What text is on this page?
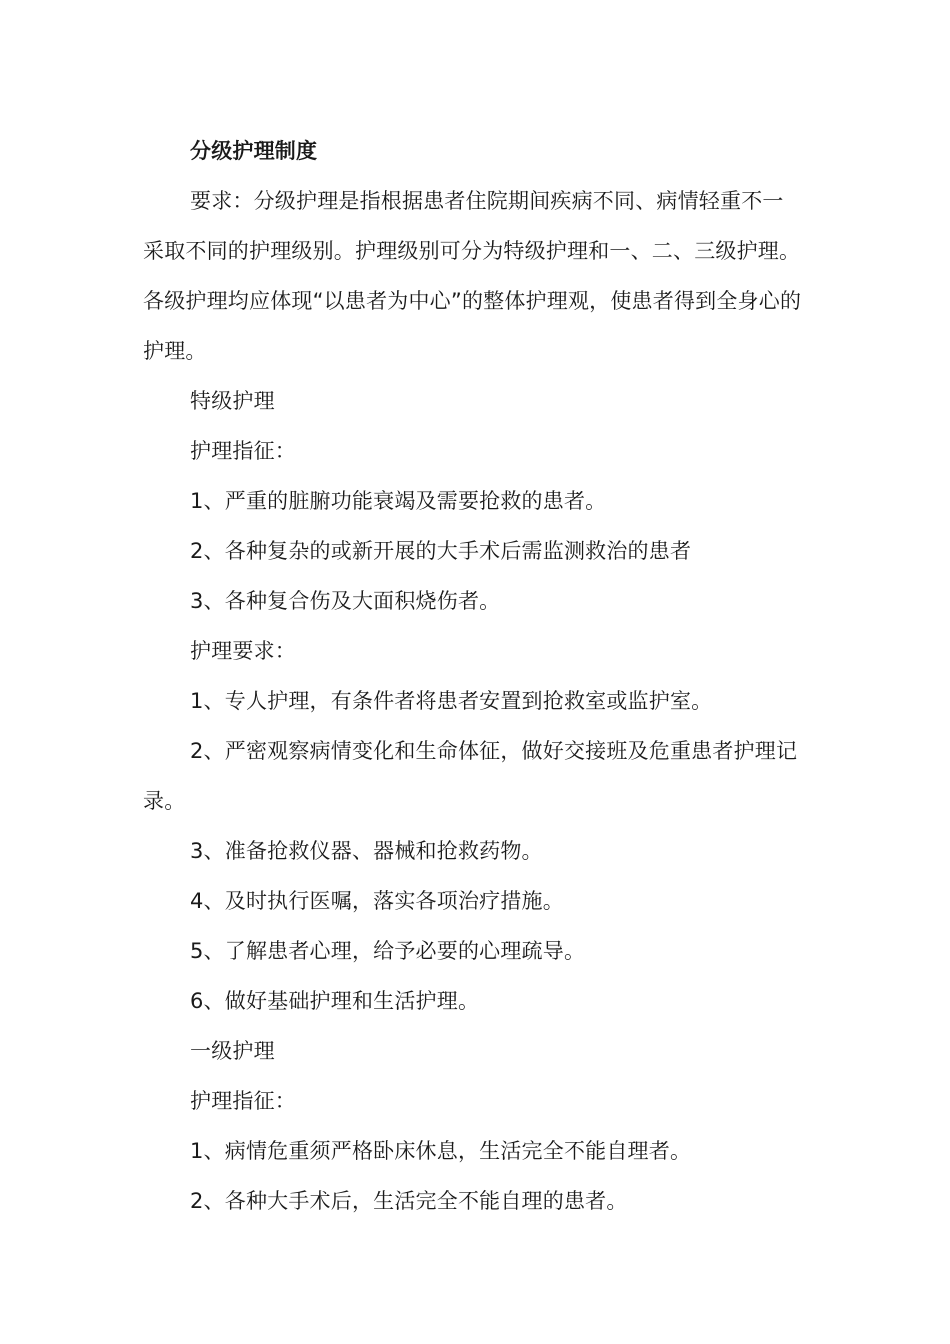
分级护理制度

要求：分级护理是指根据患者住院期间疾病不同、病情轻重不一采取不同的护理级别。护理级别可分为特级护理和一、二、三级护理。各级护理均应体现“以患者为中心”的整体护理观，使患者得到全身心的护理。

特级护理

护理指征：

1、严重的脏腑功能衰竭及需要抢救的患者。

2、各种复杂的或新开展的大手术后需监测救治的患者

3、各种复合伤及大面积烧伤者。

护理要求：

1、专人护理，有条件者将患者安置到抢救室或监护室。

2、严密观察病情变化和生命体征，做好交接班及危重患者护理记录。

3、准备抢救仪器、器械和抢救药物。

4、及时执行医嘱，落实各项治疗措施。

5、了解患者心理，给予必要的心理疏导。

6、做好基础护理和生活护理。

一级护理

护理指征：

1、病情危重须严格卧床休息，生活完全不能自理者。

2、各种大手术后，生活完全不能自理的患者。
